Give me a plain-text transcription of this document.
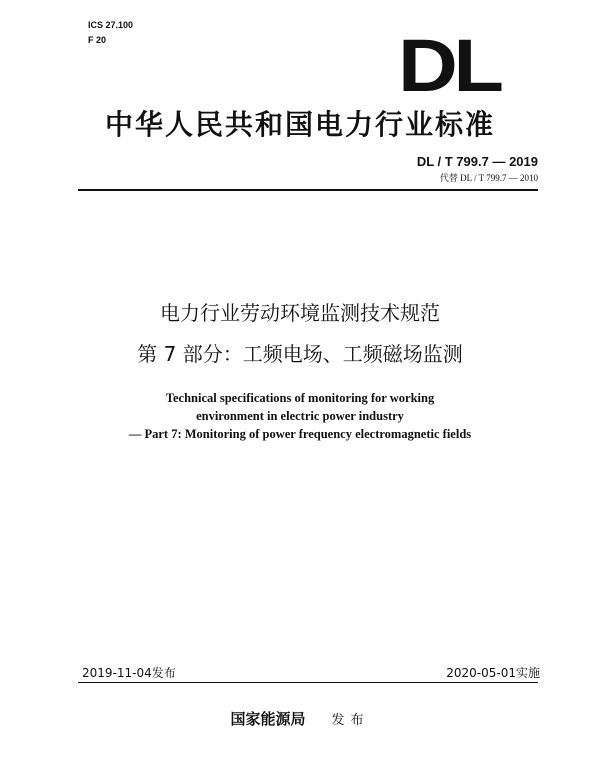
ICS 27.100
F 20	DL
中华人民共和国电力行业标准
DL / T 799.7 — 2019
代替 DL / T 799.7 — 2010
电力行业劳动环境监测技术规范
第 7 部分：工频电场、工频磁场监测
Technical specifications of monitoring for working
environment in electric power industry
— Part 7: Monitoring of power frequency electromagnetic fields
2019-11-04发布	2020-05-01实施
国家能源局 发布
